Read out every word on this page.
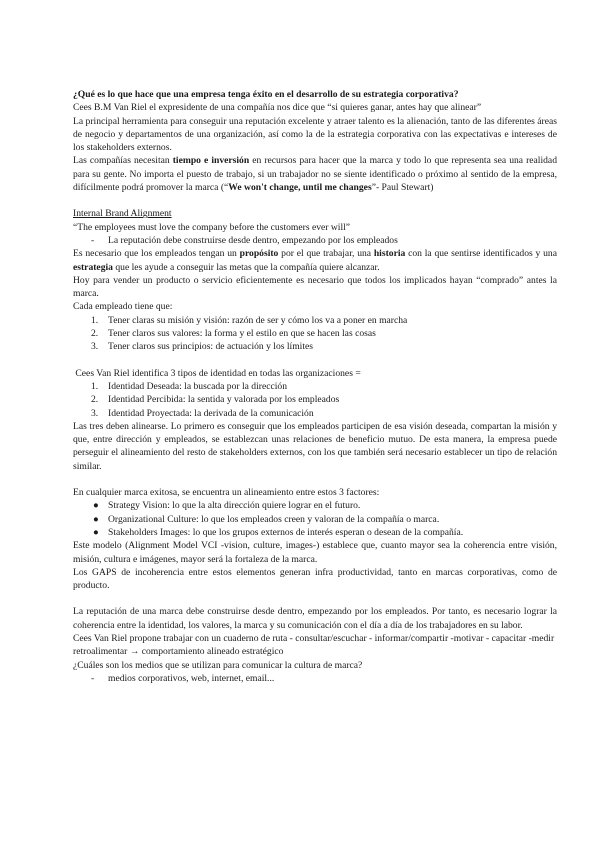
¿Qué es lo que hace que una empresa tenga éxito en el desarrollo de su estrategia corporativa?

Cees B.M Van Riel el expresidente de una compañía nos dice que “si quieres ganar, antes hay que alinear”

La principal herramienta para conseguir una reputación excelente y atraer talento es la alienación, tanto de las diferentes áreas de negocio y departamentos de una organización, así como la de la estrategia corporativa con las expectativas e intereses de los stakeholders externos.

Las compañías necesitan tiempo e inversión en recursos para hacer que la marca y todo lo que representa sea una realidad para su gente. No importa el puesto de trabajo, si un trabajador no se siente identificado o próximo al sentido de la empresa, difícilmente podrá promover la marca (“We won't change, until me changes”- Paul Stewart)

Internal Brand Alignment

“The employees must love the company before the customers ever will”

- La reputación debe construirse desde dentro, empezando por los empleados

Es necesario que los empleados tengan un propósito por el que trabajar, una historia con la que sentirse identificados y una estrategia que les ayude a conseguir las metas que la compañía quiere alcanzar.

Hoy para vender un producto o servicio eficientemente es necesario que todos los implicados hayan “comprado” antes la marca.

Cada empleado tiene que:

1. Tener claras su misión y visión: razón de ser y cómo los va a poner en marcha
2. Tener claros sus valores: la forma y el estilo en que se hacen las cosas
3. Tener claros sus principios: de actuación y los límites

Cees Van Riel identifica 3 tipos de identidad en todas las organizaciones =

1. Identidad Deseada: la buscada por la dirección
2. Identidad Percibida: la sentida y valorada por los empleados
3. Identidad Proyectada: la derivada de la comunicación

Las tres deben alinearse. Lo primero es conseguir que los empleados participen de esa visión deseada, compartan la misión y que, entre dirección y empleados, se establezcan unas relaciones de beneficio mutuo. De esta manera, la empresa puede perseguir el alineamiento del resto de stakeholders externos, con los que también será necesario establecer un tipo de relación similar.

En cualquier marca exitosa, se encuentra un alineamiento entre estos 3 factores:

● Strategy Vision: lo que la alta dirección quiere lograr en el futuro.
● Organizational Culture: lo que los empleados creen y valoran de la compañía o marca.
● Stakeholders Images: lo que los grupos externos de interés esperan o desean de la compañía.

Este modelo (Alignment Model VCI -vision, culture, images-) establece que, cuanto mayor sea la coherencia entre visión, misión, cultura e imágenes, mayor será la fortaleza de la marca.

Los GAPS de incoherencia entre estos elementos generan infra productividad, tanto en marcas corporativas, como de producto.

La reputación de una marca debe construirse desde dentro, empezando por los empleados. Por tanto, es necesario lograr la coherencia entre la identidad, los valores, la marca y su comunicación con el día a día de los trabajadores en su labor.

Cees Van Riel propone trabajar con un cuaderno de ruta - consultar/escuchar - informar/compartir -motivar - capacitar -medir retroalimentar → comportamiento alineado estratégico

¿Cuáles son los medios que se utilizan para comunicar la cultura de marca?

- medios corporativos, web, internet, email...
